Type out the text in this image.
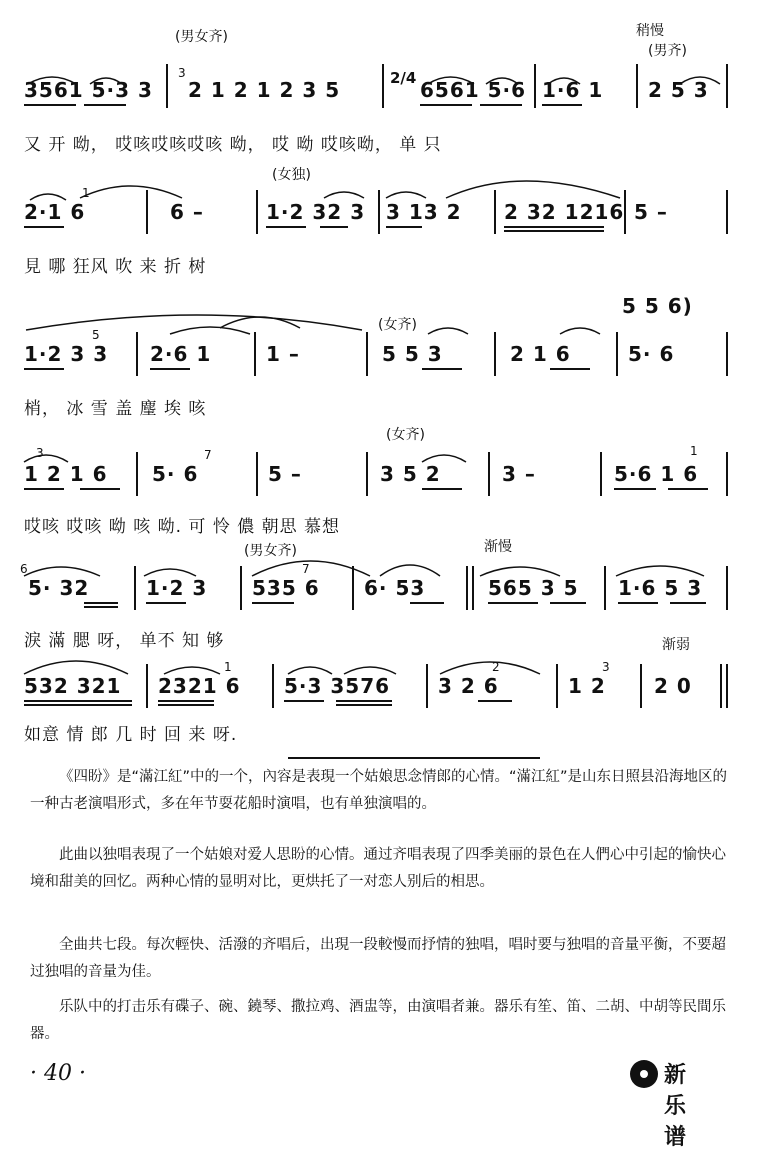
(男女齐)	稍慢
(男齐)
3561 5·3 3
3
2 1 2 1 2 3 5	2/4 6561 5·6 1·6 1 2 5 3
又 开 呦， 哎咳哎咳哎咳 呦， 哎 呦 哎咳呦， 单 只
(女独)
2·1 6
1
6 –	1·2 32 3 3 13 2 2 32 1216 5 –
見 哪 狂风 吹 来 折 树
(女齐)
5 5 6)
1·2 3 3
5
2·6 1	1 –	5 5 3	2 1 6	5· 6
梢， 冰 雪 盖 麈 埃 咳
(女齐)
1 2 1 6
3
5· 6
7
5 –	3 5 2	3 –	5·6 1 6
1
哎咳 哎咳 呦 咳 呦. 可 怜 儂 朝思 慕想
(男女齐)	渐慢
6
5· 32	1·2 3 535 6
7
6· 53	565 3 5 1·6 5 3
淚 滿 腮 呀， 单不 知 够	渐弱
532 321 2321 6
1
5·3 3576 3 2 6
2
1 2
3
2 0
如意 情 郎 几 时 回 来 呀.

《四盼》是“滿江紅”中的一个，內容是表現一个姑娘思念情郎的心情。“滿江紅”是山东日照县沿海地区的一种古老演唱形式，多在年节耍花船时演唱，也有单独演唱的。

此曲以独唱表現了一个姑娘对爱人思盼的心情。通过齐唱表現了四季美丽的景色在人們心中引起的愉快心境和甜美的回忆。两种心情的显明对比，更烘托了一对恋人别后的相思。

全曲共七段。每次輕快、活潑的齐唱后，出現一段較慢而抒情的独唱，唱时要与独唱的音量平衡，不要超过独唱的音量为佳。

乐队中的打击乐有碟子、碗、鐃琴、撒拉鸡、酒盅等，由演唱者兼。器乐有笙、笛、二胡、中胡等民間乐器。

· 40 ·	新乐谱
